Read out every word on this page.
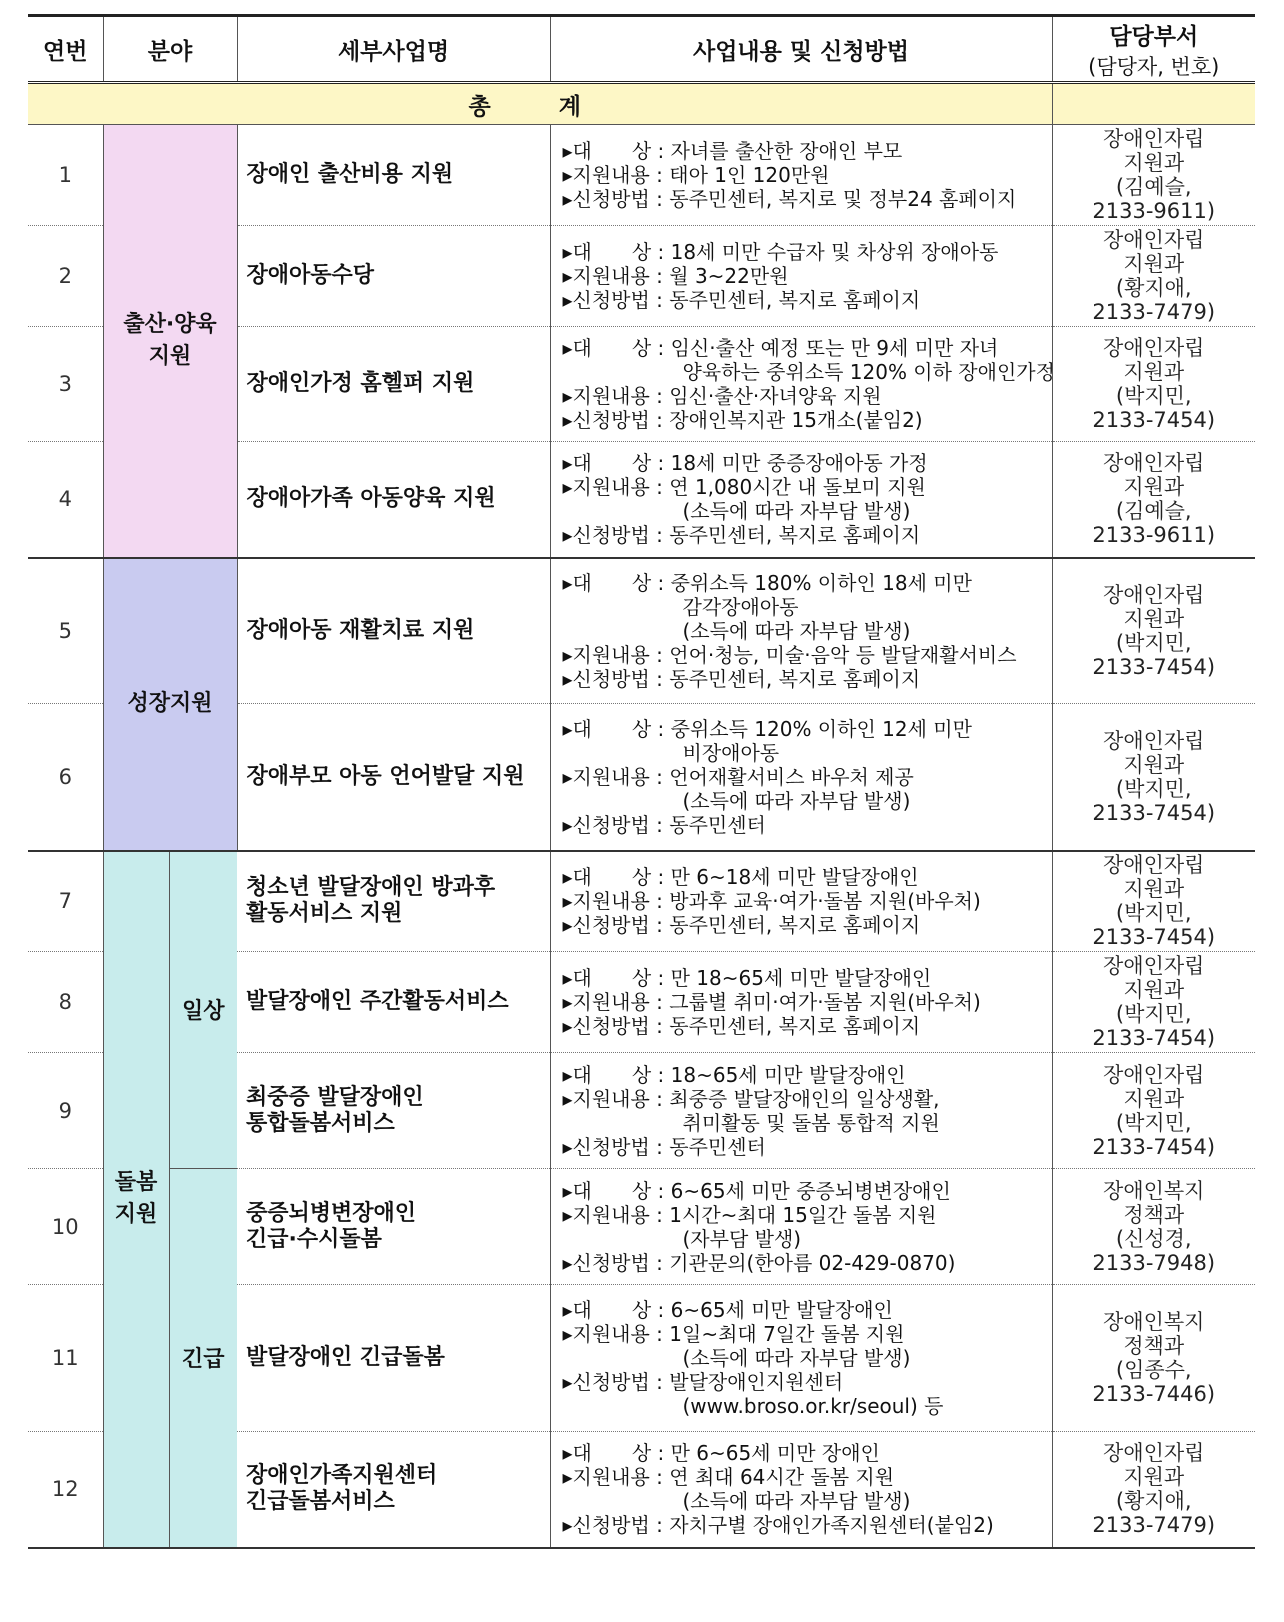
연번	분야		세부사업명	사업내용 및 신청방법	담당부서
(담당자, 번호)

총 계					
1	출산·양육
지원		장애인 출산비용 지원	▸대　　상 : 자녀를 출산한 장애인 부모
▸지원내용 : 태아 1인 120만원
▸신청방법 : 동주민센터, 복지로 및 정부24 홈페이지	장애인자립
지원과
(김예슬,
2133-9611)
2			장애아동수당	▸대　　상 : 18세 미만 수급자 및 차상위 장애아동
▸지원내용 : 월 3~22만원
▸신청방법 : 동주민센터, 복지로 홈페이지	장애인자립
지원과
(황지애,
2133-7479)
3			장애인가정 홈헬퍼 지원	▸대　　상 : 임신·출산 예정 또는 만 9세 미만 자녀
양육하는 중위소득 120% 이하 장애인가정
▸지원내용 : 임신·출산·자녀양육 지원
▸신청방법 : 장애인복지관 15개소(붙임2)	장애인자립
지원과
(박지민,
2133-7454)
4			장애아가족 아동양육 지원	▸대　　상 : 18세 미만 중증장애아동 가정
▸지원내용 : 연 1,080시간 내 돌보미 지원
(소득에 따라 자부담 발생)
▸신청방법 : 동주민센터, 복지로 홈페이지	장애인자립
지원과
(김예슬,
2133-9611)
5	성장지원		장애아동 재활치료 지원	▸대　　상 : 중위소득 180% 이하인 18세 미만
감각장애아동
(소득에 따라 자부담 발생)
▸지원내용 : 언어·청능, 미술·음악 등 발달재활서비스
▸신청방법 : 동주민센터, 복지로 홈페이지	장애인자립
지원과
(박지민,
2133-7454)
6			장애부모 아동 언어발달 지원	▸대　　상 : 중위소득 120% 이하인 12세 미만
비장애아동
▸지원내용 : 언어재활서비스 바우처 제공
(소득에 따라 자부담 발생)
▸신청방법 : 동주민센터	장애인자립
지원과
(박지민,
2133-7454)
7	돌봄
지원	일상	청소년 발달장애인 방과후
활동서비스 지원	▸대　　상 : 만 6~18세 미만 발달장애인
▸지원내용 : 방과후 교육·여가·돌봄 지원(바우처)
▸신청방법 : 동주민센터, 복지로 홈페이지	장애인자립
지원과
(박지민,
2133-7454)
8			발달장애인 주간활동서비스	▸대　　상 : 만 18~65세 미만 발달장애인
▸지원내용 : 그룹별 취미·여가·돌봄 지원(바우처)
▸신청방법 : 동주민센터, 복지로 홈페이지	장애인자립
지원과
(박지민,
2133-7454)
9			최중증 발달장애인
통합돌봄서비스	▸대　　상 : 18~65세 미만 발달장애인
▸지원내용 : 최중증 발달장애인의 일상생활,
취미활동 및 돌봄 통합적 지원
▸신청방법 : 동주민센터	장애인자립
지원과
(박지민,
2133-7454)
10		긴급	중증뇌병변장애인
긴급·수시돌봄	▸대　　상 : 6~65세 미만 중증뇌병변장애인
▸지원내용 : 1시간~최대 15일간 돌봄 지원
(자부담 발생)
▸신청방법 : 기관문의(한아름 02-429-0870)	장애인복지
정책과
(신성경,
2133-7948)
11			발달장애인 긴급돌봄	▸대　　상 : 6~65세 미만 발달장애인
▸지원내용 : 1일~최대 7일간 돌봄 지원
(소득에 따라 자부담 발생)
▸신청방법 : 발달장애인지원센터
(www.broso.or.kr/seoul) 등	장애인복지
정책과
(임종수,
2133-7446)
12			장애인가족지원센터
긴급돌봄서비스	▸대　　상 : 만 6~65세 미만 장애인
▸지원내용 : 연 최대 64시간 돌봄 지원
(소득에 따라 자부담 발생)
▸신청방법 : 자치구별 장애인가족지원센터(붙임2)	장애인자립
지원과
(황지애,
2133-7479)
